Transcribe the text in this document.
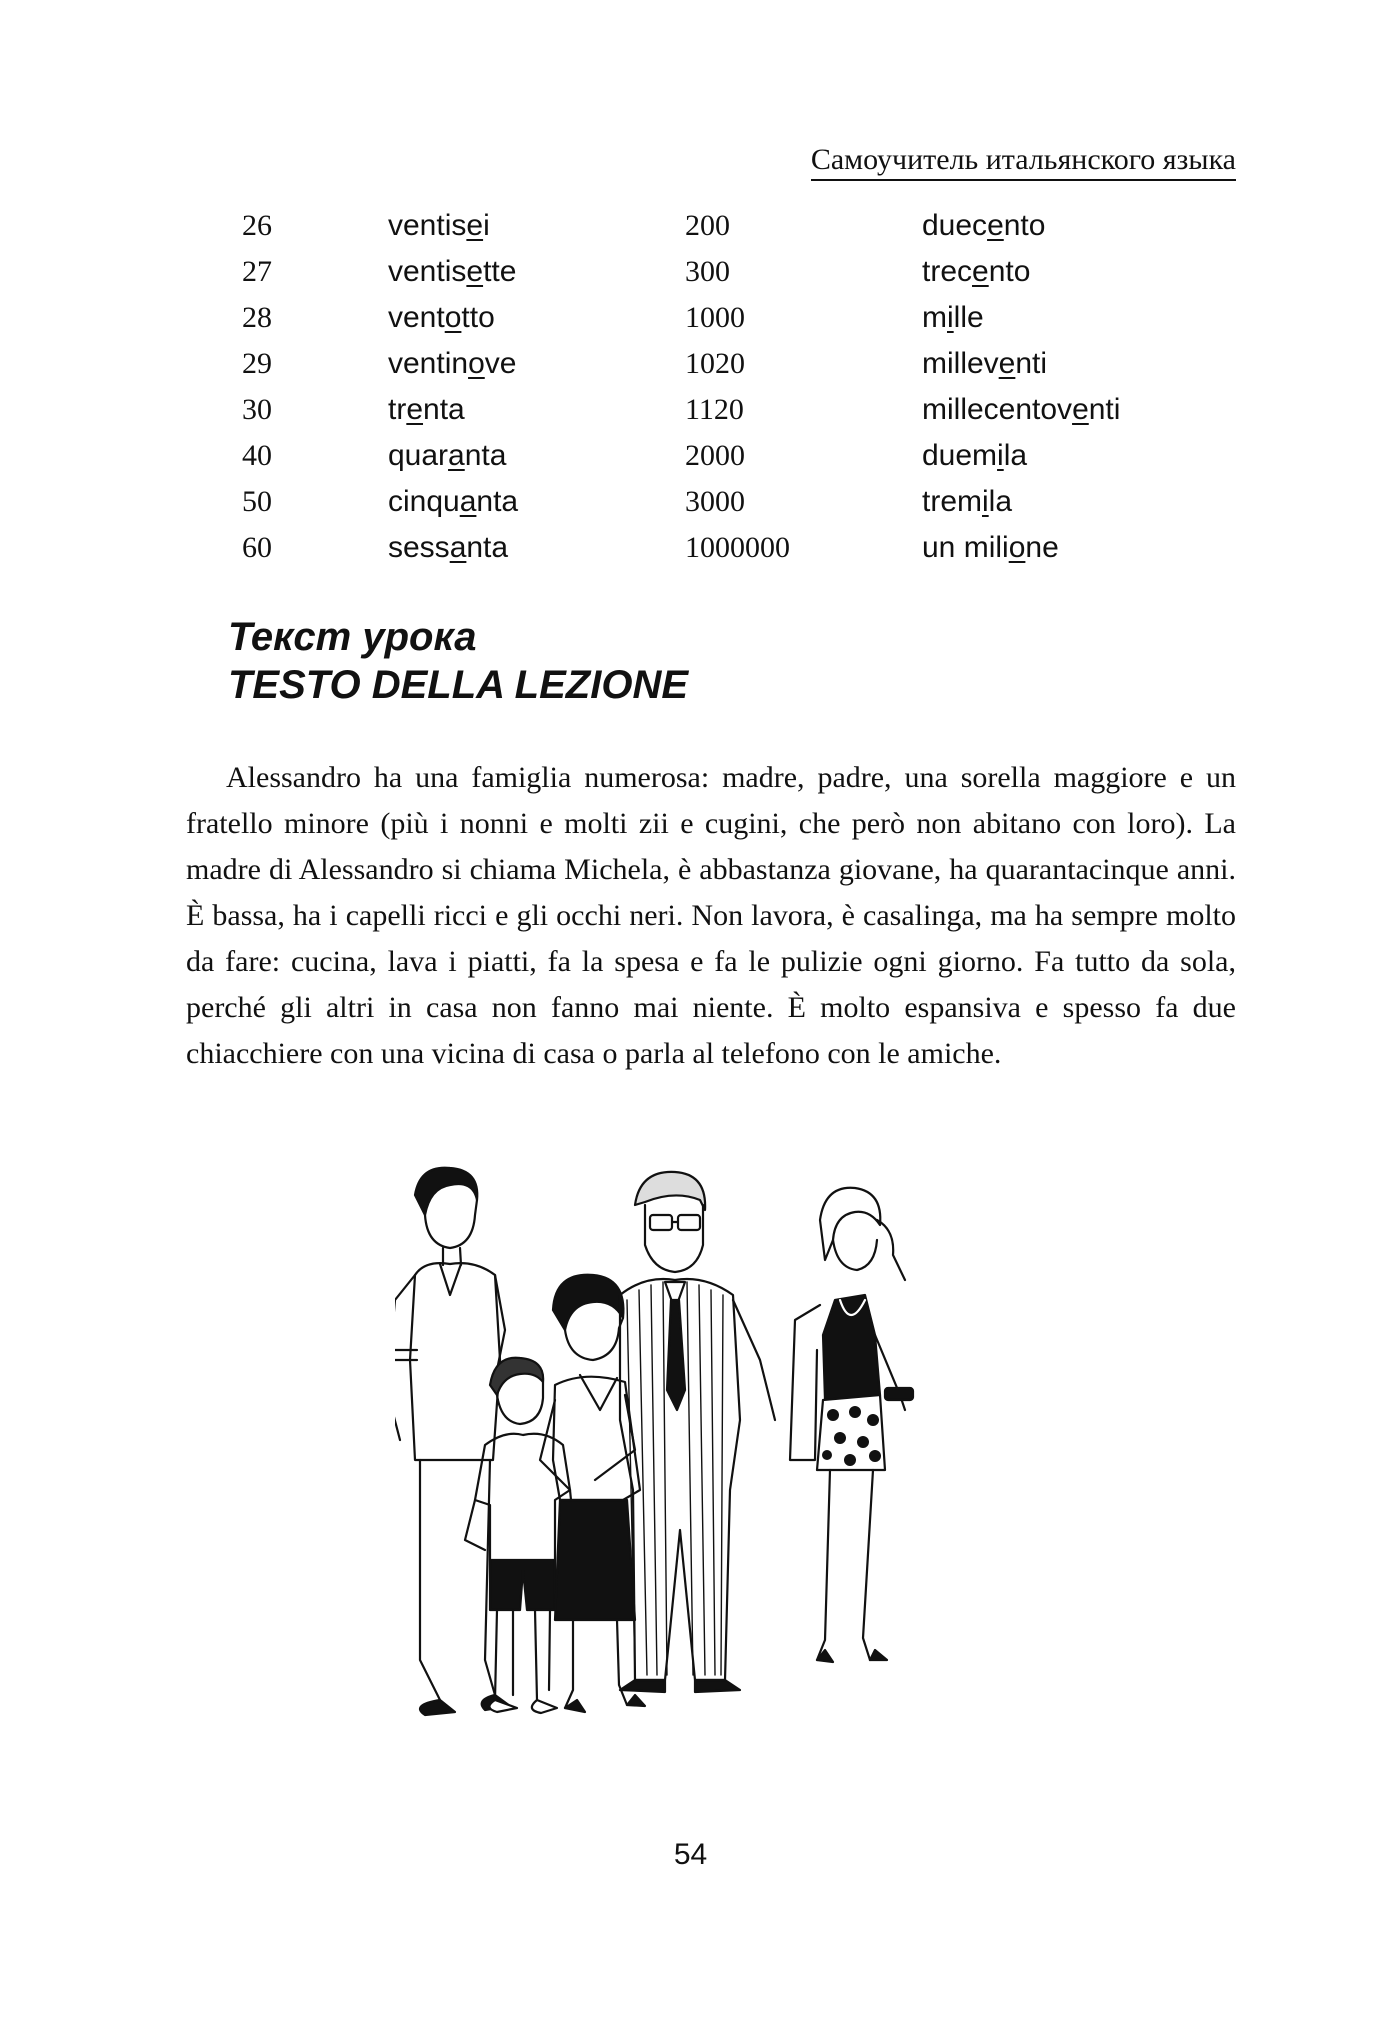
Самоучитель итальянского языка
26	ventisei	200	duecento
27	ventisette	300	trecento
28	ventotto	1000	mille
29	ventinove	1020	milleventi
30	trenta	1120	millecentoventi
40	quaranta	2000	duemila
50	cinquanta	3000	tremila
60	sessanta	1000000	un milione
Текст урока
TESTO DELLA LEZIONE

Alessandro ha una famiglia numerosa: madre, padre, una sorella maggiore e un fratello minore (più i nonni e molti zii e cugini, che però non abitano con loro). La madre di Alessandro si chiama Michela, è abbastanza giovane, ha quarantacinque anni. È bassa, ha i capelli ricci e gli occhi neri. Non lavora, è casalinga, ma ha sempre molto da fare: cucina, lava i piatti, fa la spesa e fa le pulizie ogni giorno. Fa tutto da sola, perché gli altri in casa non fanno mai niente. È molto espansiva e spesso fa due chiacchiere con una vicina di casa o parla al telefono con le amiche.

54
